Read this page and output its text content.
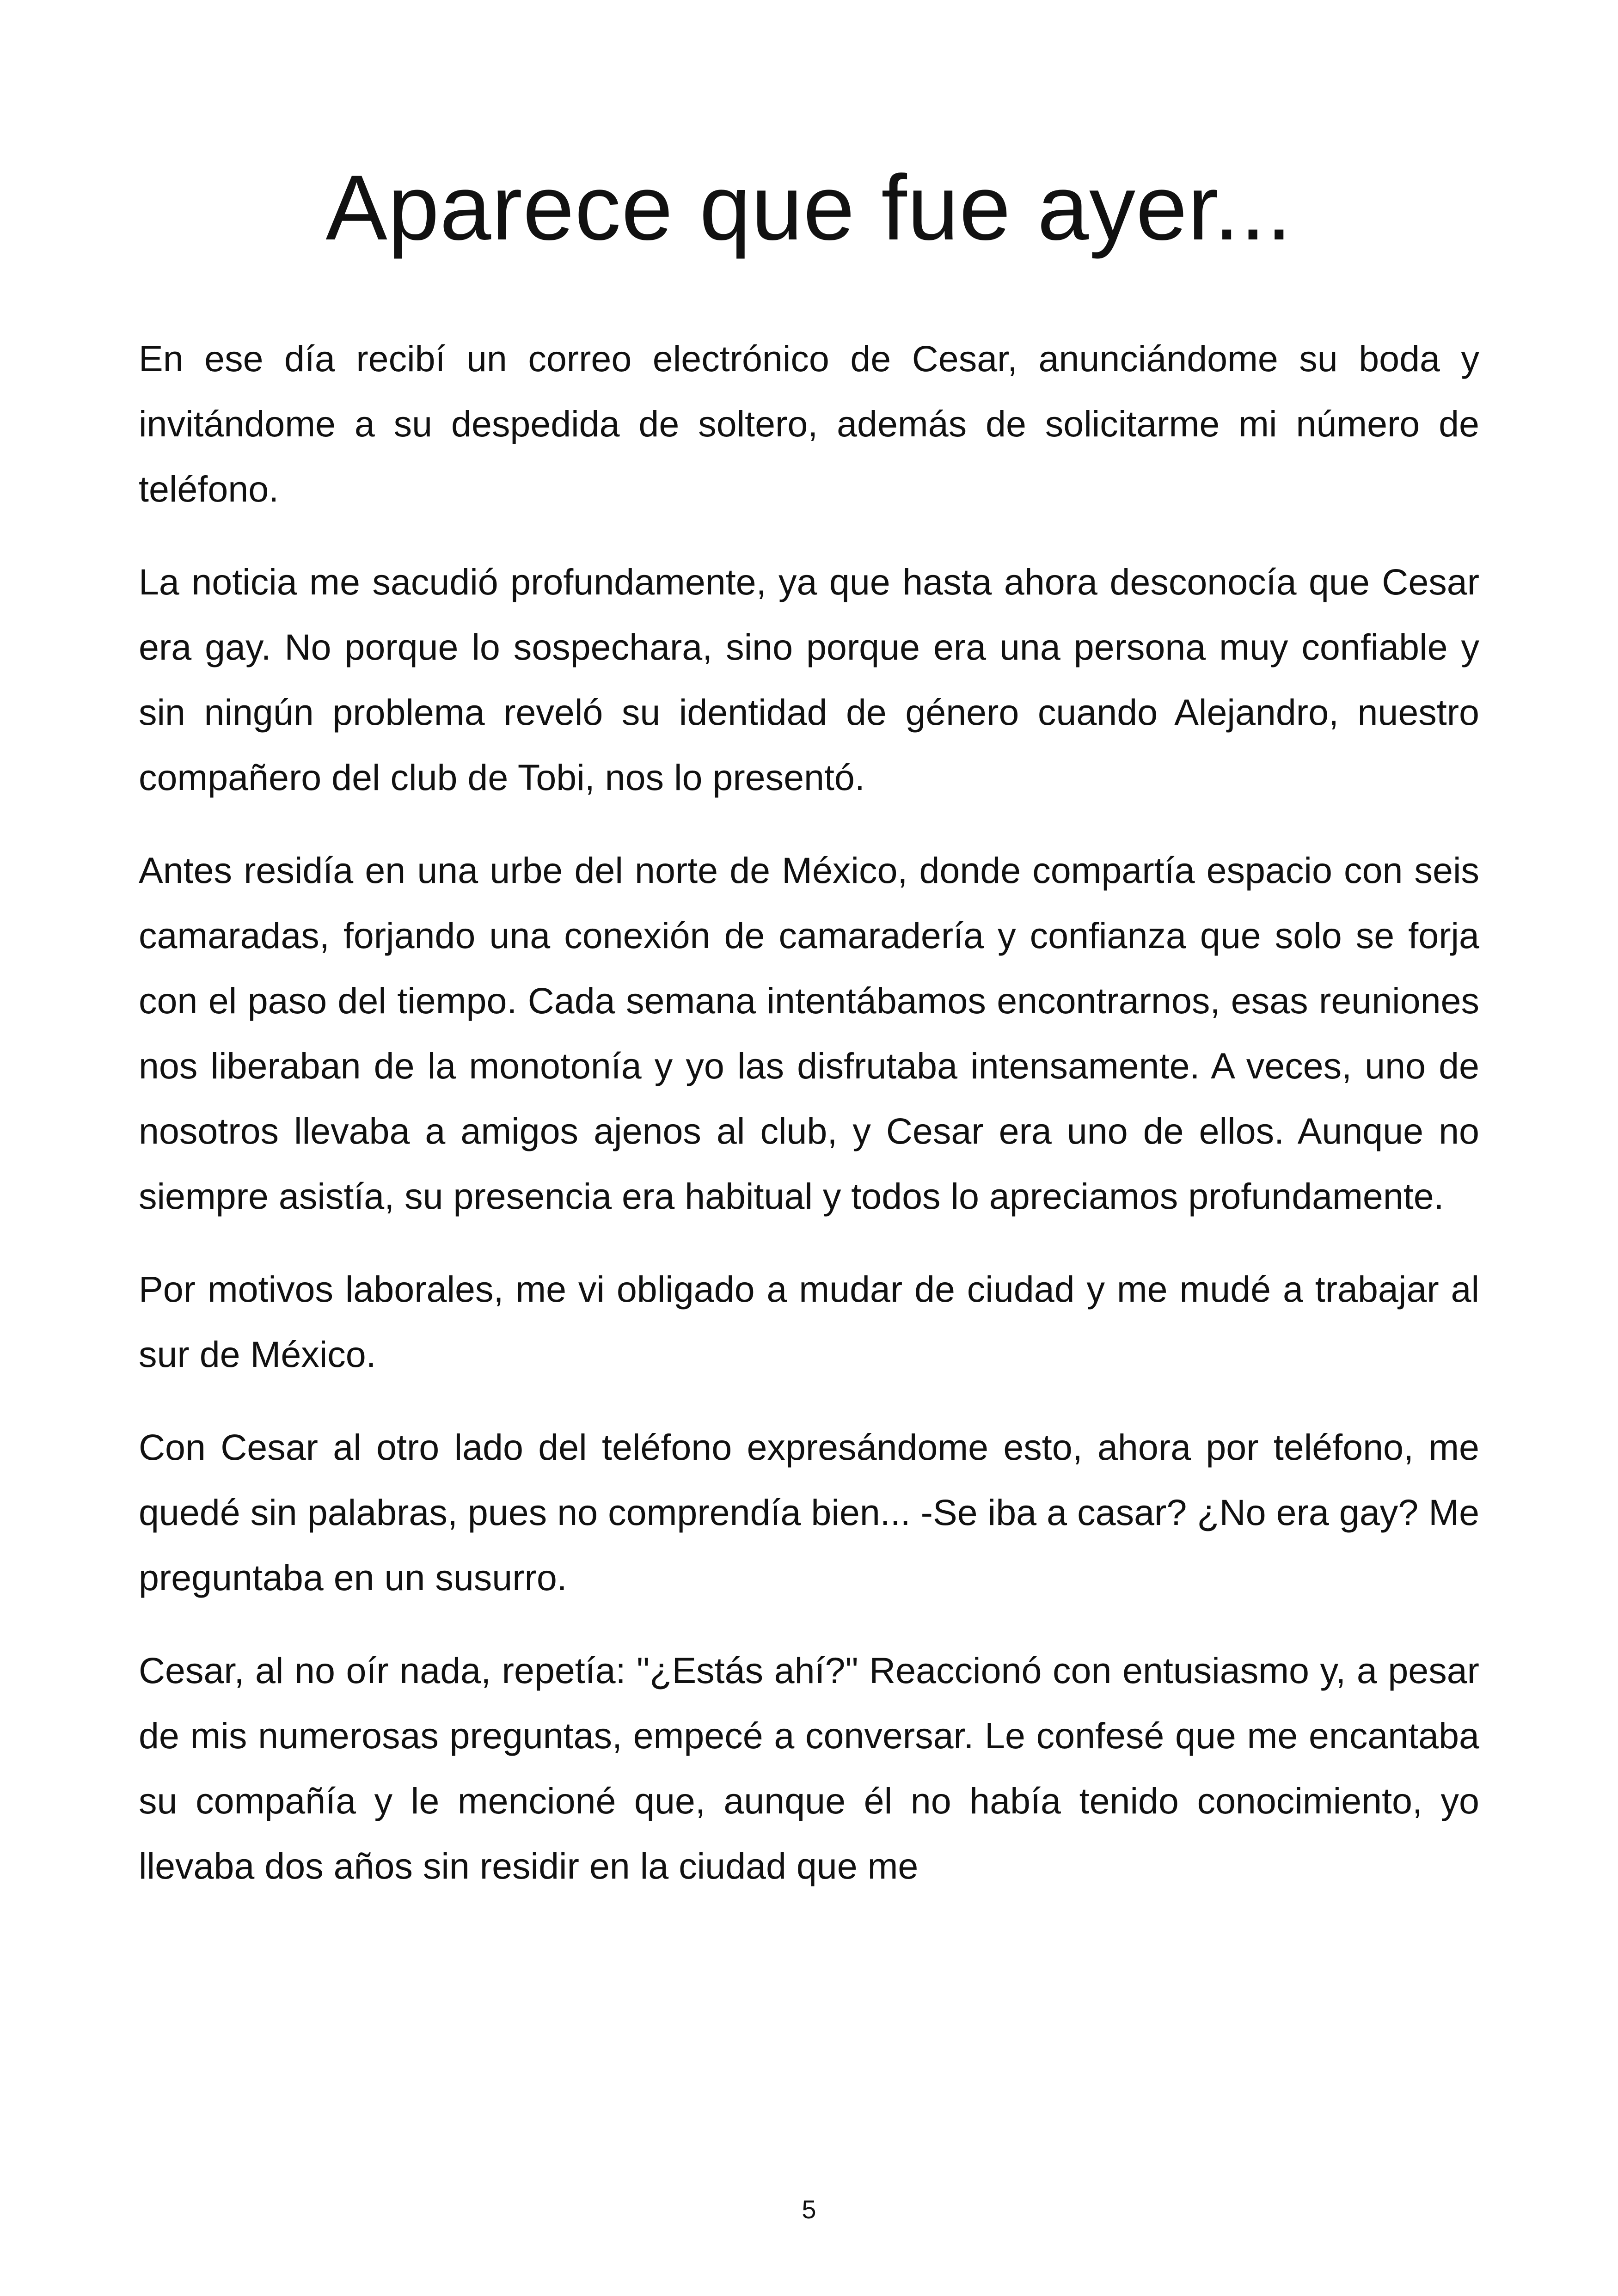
Aparece que fue ayer...

En ese día recibí un correo electrónico de Cesar, anunciándome su boda y invitándome a su despedida de soltero, además de solicitarme mi número de teléfono.

La noticia me sacudió profundamente, ya que hasta ahora desconocía que Cesar era gay. No porque lo sospechara, sino porque era una persona muy confiable y sin ningún problema reveló su identidad de género cuando Alejandro, nuestro compañero del club de Tobi, nos lo presentó.

Antes residía en una urbe del norte de México, donde compartía espacio con seis camaradas, forjando una conexión de camaradería y confianza que solo se forja con el paso del tiempo. Cada semana intentábamos encontrarnos, esas reuniones nos liberaban de la monotonía y yo las disfrutaba intensamente. A veces, uno de nosotros llevaba a amigos ajenos al club, y Cesar era uno de ellos. Aunque no siempre asistía, su presencia era habitual y todos lo apreciamos profundamente.

Por motivos laborales, me vi obligado a mudar de ciudad y me mudé a trabajar al sur de México.

Con Cesar al otro lado del teléfono expresándome esto, ahora por teléfono, me quedé sin palabras, pues no comprendía bien... -Se iba a casar? ¿No era gay? Me preguntaba en un susurro.

Cesar, al no oír nada, repetía: "¿Estás ahí?" Reaccionó con entusiasmo y, a pesar de mis numerosas preguntas, empecé a conversar. Le confesé que me encantaba su compañía y le mencioné que, aunque él no había tenido conocimiento, yo llevaba dos años sin residir en la ciudad que me

5
